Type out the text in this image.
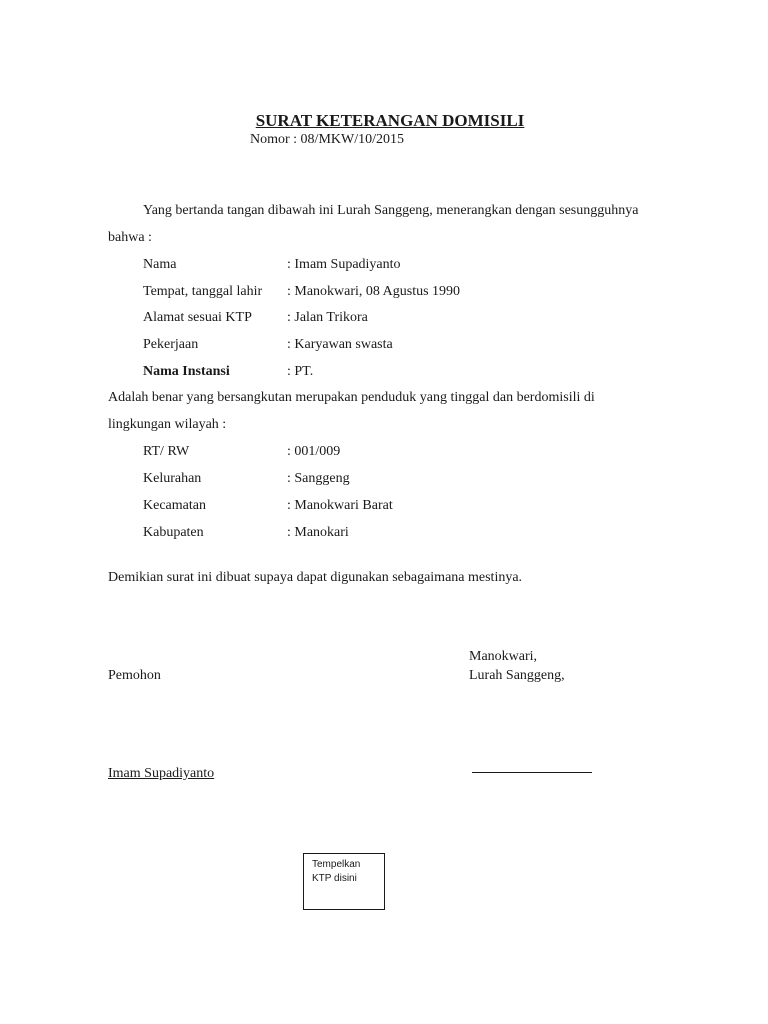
SURAT KETERANGAN DOMISILI
Nomor : 08/MKW/10/2015
Yang bertanda tangan dibawah ini Lurah Sanggeng, menerangkan dengan sesungguhnya
bahwa :
Nama	: Imam Supadiyanto
Tempat, tanggal lahir : Manokwari, 08 Agustus 1990
Alamat sesuai KTP	: Jalan Trikora
Pekerjaan	: Karyawan swasta
Nama Instansi	: PT.
Adalah benar yang bersangkutan merupakan penduduk yang tinggal dan berdomisili di
lingkungan wilayah :
RT/ RW	: 001/009
Kelurahan	: Sanggeng
Kecamatan	: Manokwari Barat
Kabupaten	: Manokari
Demikian surat ini dibuat supaya dapat digunakan sebagaimana mestinya.
Manokwari,
Pemohon	Lurah Sanggeng,
Imam Supadiyanto
Tempelkan KTP disini
